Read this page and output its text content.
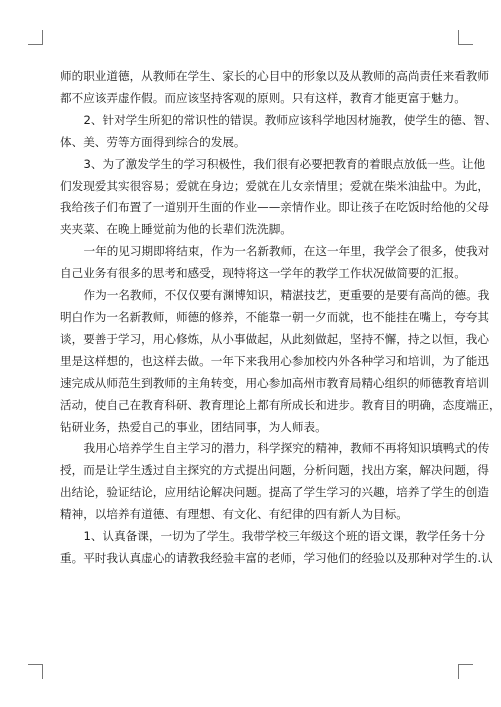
师的职业道德，从教师在学生、家长的心目中的形象以及从教师的高尚责任来看教师
都不应该弄虚作假。而应该坚持客观的原则。只有这样，教育才能更富于魅力。
2、针对学生所犯的常识性的错误。教师应该科学地因材施教，使学生的德、智、
体、美、劳等方面得到综合的发展。
3、为了激发学生的学习积极性，我们很有必要把教育的着眼点放低一些。让他
们发现爱其实很容易；爱就在身边；爱就在儿女亲情里；爱就在柴米油盐中。为此，
我给孩子们布置了一道别开生面的作业——亲情作业。即让孩子在吃饭时给他的父母
夹夹菜、在晚上睡觉前为他的长辈们洗洗脚。
一年的见习期即将结束，作为一名新教师，在这一年里，我学会了很多，使我对
自己业务有很多的思考和感受，现特将这一学年的教学工作状况做简要的汇报。
作为一名教师，不仅仅要有渊博知识，精湛技艺，更重要的是要有高尚的德。我
明白作为一名新教师，师德的修养，不能靠一朝一夕而就，也不能挂在嘴上，夸夸其
谈，要善于学习，用心修炼，从小事做起，从此刻做起，坚持不懈，持之以恒，我心
里是这样想的，也这样去做。一年下来我用心参加校内外各种学习和培训，为了能迅
速完成从师范生到教师的主角转变，用心参加高州市教育局精心组织的师德教育培训
活动，使自己在教育科研、教育理论上都有所成长和进步。教育目的明确，态度端正，
钻研业务，热爱自己的事业，团结同事，为人师表。
我用心培养学生自主学习的潜力，科学探究的精神，教师不再将知识填鸭式的传
授，而是让学生透过自主探究的方式提出问题，分析问题，找出方案，解决问题，得
出结论，验证结论，应用结论解决问题。提高了学生学习的兴趣，培养了学生的创造
精神，以培养有道德、有理想、有文化、有纪律的四有新人为目标。
1、认真备课，一切为了学生。我带学校三年级这个班的语文课，教学任务十分
重。平时我认真虚心的请教我经验丰富的老师，学习他们的经验以及那种对学生的.认
